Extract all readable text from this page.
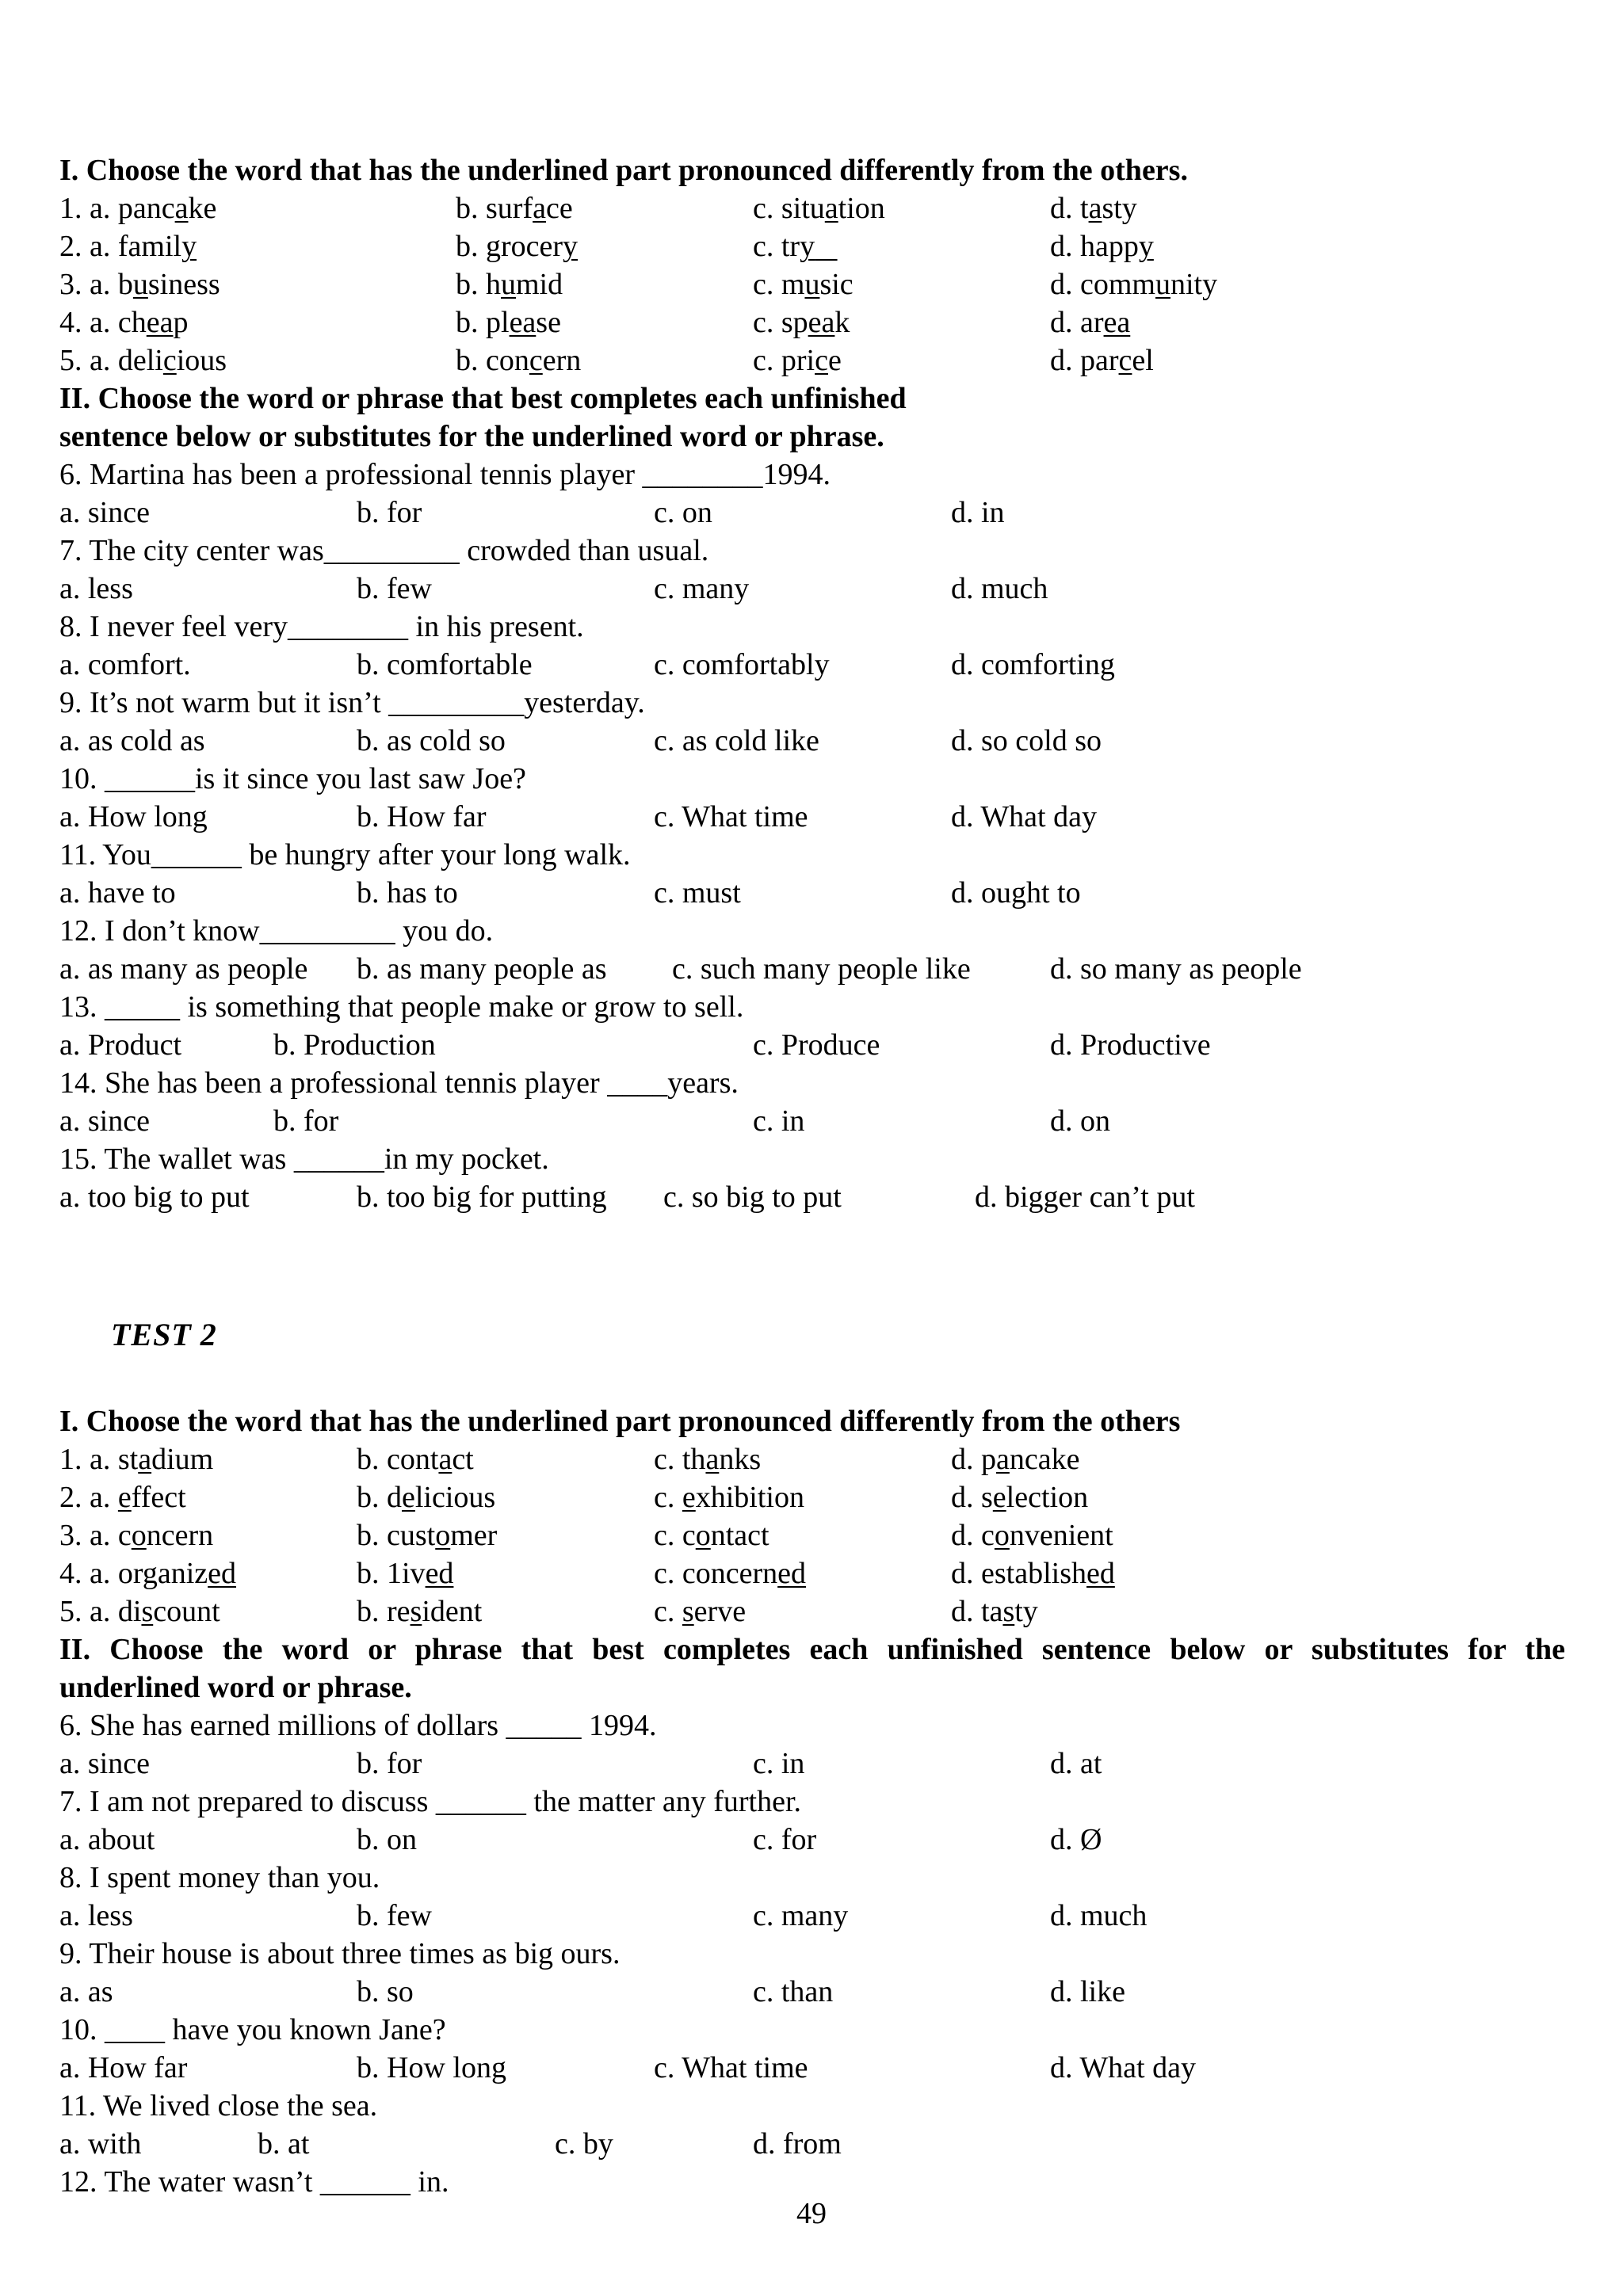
I. Choose the word that has the underlined part pronounced differently from the others.
1. a. pancake	b. surface	c. situation	d. tasty
2. a. family	b. grocery	c. try	d. happy
3. a. business	b. humid	c. music	d. community
4. a. cheap	b. please	c. speak	d. area
5. a. delicious	b. concern	c. price	d. parcel
II. Choose the word or phrase that best completes each unfinished
sentence below or substitutes for the underlined word or phrase.
6. Martina has been a professional tennis player ________1994.
a. since	b. for	c. on	d. in
7. The city center was_________ crowded than usual.
a. less	b. few	c. many	d. much
8. I never feel very________ in his present.
a. comfort.	b. comfortable	c. comfortably	d. comforting
9. It’s not warm but it isn’t _________yesterday.
a. as cold as	b. as cold so	c. as cold like	d. so cold so
10. ______is it since you last saw Joe?
a. How long	b. How far	c. What time	d. What day
11. You______ be hungry after your long walk.
a. have to	b. has to	c. must	d. ought to
12. I don’t know_________ you do.
a. as many as people b. as many people as c. such many people like	d. so many as people
13. _____ is something that people make or grow to sell.
a. Product	b. Production	c. Produce	d. Productive
14. She has been a professional tennis player ____years.
a. since	b. for	c. in	d. on
15. The wallet was ______in my pocket.
a. too big to put	b. too big for putting c. so big to put	d. bigger can’t put
TEST 2
I. Choose the word that has the underlined part pronounced differently from the others
1. a. stadium	b. contact	c. thanks	d. pancake
2. a. effect	b. delicious	c. exhibition	d. selection
3. a. concern	b. customer	c. contact	d. convenient
4. a. organized	b. 1ived	c. concerned	d. established
5. a. discount	b. resident	c. serve	d. tasty
II. Choose the word or phrase that best completes each unfinished sentence below or substitutes for the
underlined word or phrase.
6. She has earned millions of dollars _____ 1994.
a. since	b. for	c. in	d. at
7. I am not prepared to discuss ______ the matter any further.
a. about	b. on	c. for	d. Ø
8. I spent money than you.
a. less	b. few	c. many	d. much
9. Their house is about three times as big ours.
a. as	b. so	c. than	d. like
10. ____ have you known Jane?
a. How far	b. How long	c. What time	d. What day
11. We lived close the sea.
a. with	b. at	c. by	d. from
12. The water wasn’t ______ in.
49
